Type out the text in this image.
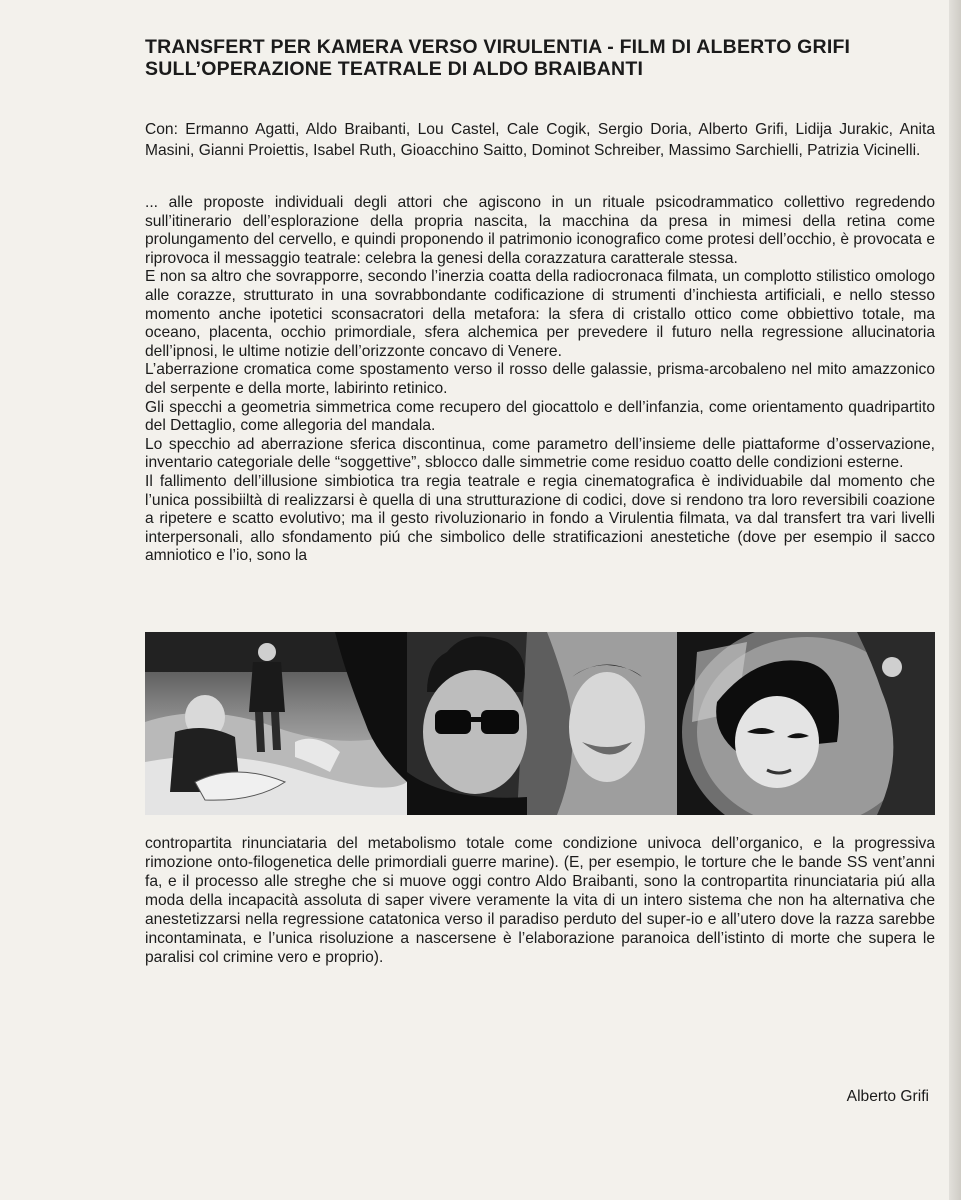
TRANSFERT PER KAMERA VERSO VIRULENTIA - FILM DI ALBERTO GRIFI
SULL’OPERAZIONE TEATRALE DI ALDO BRAIBANTI

Con: Ermanno Agatti, Aldo Braibanti, Lou Castel, Cale Cogik, Sergio Doria, Alberto Grifi, Lidija Jurakic, Anita Masini, Gianni Proiettis, Isabel Ruth, Gioacchino Saitto, Dominot Schreiber, Massimo Sarchielli, Patrizia Vicinelli.

... alle proposte individuali degli attori che agiscono in un rituale psicodrammatico collettivo regredendo sull’itinerario dell’esplorazione della propria nascita, la macchina da presa in mimesi della retina come prolungamento del cervello, e quindi proponendo il patrimonio iconografico come protesi dell’occhio, è provocata e riprovoca il messaggio teatrale: celebra la genesi della corazzatura caratterale stessa.

E non sa altro che sovrapporre, secondo l’inerzia coatta della radiocronaca filmata, un complotto stilistico omologo alle corazze, strutturato in una sovrabbondante codificazione di strumenti d’inchiesta artificiali, e nello stesso momento anche ipotetici sconsacratori della metafora: la sfera di cristallo ottico come obbiettivo totale, ma oceano, placenta, occhio primordiale, sfera alchemica per prevedere il futuro nella regressione allucinatoria dell’ipnosi, le ultime notizie dell’orizzonte concavo di Venere.

L’aberrazione cromatica come spostamento verso il rosso delle galassie, prisma-arcobaleno nel mito amazzonico del serpente e della morte, labirinto retinico.

Gli specchi a geometria simmetrica come recupero del giocattolo e dell’infanzia, come orientamento quadripartito del Dettaglio, come allegoria del mandala.

Lo specchio ad aberrazione sferica discontinua, come parametro dell’insieme delle piattaforme d’osservazione, inventario categoriale delle “soggettive”, sblocco dalle simmetrie come residuo coatto delle condizioni esterne.

Il fallimento dell’illusione simbiotica tra regia teatrale e regia cinematografica è individuabile dal momento che l’unica possibiiltà di realizzarsi è quella di una strutturazione di codici, dove si rendono tra loro reversibili coazione a ripetere e scatto evolutivo; ma il gesto rivoluzionario in fondo a Virulentia filmata, va dal transfert tra vari livelli interpersonali, allo sfondamento piú che simbolico delle stratificazioni anestetiche (dove per esempio il sacco amniotico e l’io, sono la

contropartita rinunciataria del metabolismo totale come condizione univoca dell’organico, e la progressiva rimozione onto-filogenetica delle primordiali guerre marine). (E, per esempio, le torture che le bande SS vent’anni fa, e il processo alle streghe che si muove oggi contro Aldo Braibanti, sono la contropartita rinunciataria piú alla moda della incapacità assoluta di saper vivere veramente la vita di un intero sistema che non ha alternativa che anestetizzarsi nella regressione catatonica verso il paradiso perduto del super-io e all’utero dove la razza sarebbe incontaminata, e l’unica risoluzione a nascersene è l’elaborazione paranoica dell’istinto di morte che supera le paralisi col crimine vero e proprio).

Alberto Grifi
